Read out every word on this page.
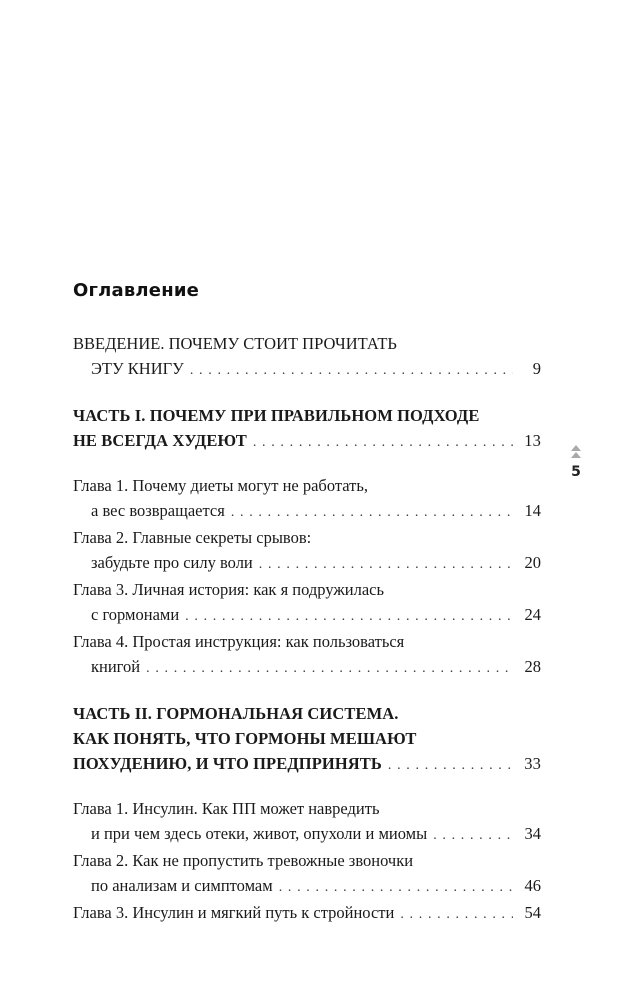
Оглавление
ВВЕДЕНИЕ. ПОЧЕМУ СТОИТ ПРОЧИТАТЬ
ЭТУ КНИГУ . . .	9
ЧАСТЬ I. ПОЧЕМУ ПРИ ПРАВИЛЬНОМ ПОДХОДЕ
НЕ ВСЕГДА ХУДЕЮТ . . .	13
Глава 1. Почему диеты могут не работать,
а вес возвращается . . .	14
Глава 2. Главные секреты срывов:
забудьте про силу воли . . .	20
Глава 3. Личная история: как я подружилась
с гормонами . . .	24
Глава 4. Простая инструкция: как пользоваться
книгой . . .	28
ЧАСТЬ II. ГОРМОНАЛЬНАЯ СИСТЕМА.
КАК ПОНЯТЬ, ЧТО ГОРМОНЫ МЕШАЮТ
ПОХУДЕНИЮ, И ЧТО ПРЕДПРИНЯТЬ . . .	33
Глава 1. Инсулин. Как ПП может навредить
и при чем здесь отеки, живот, опухоли и миомы . . .	34
Глава 2. Как не пропустить тревожные звоночки
по анализам и симптомам . . .	46
Глава 3. Инсулин и мягкий путь к стройности . . .	54
5
